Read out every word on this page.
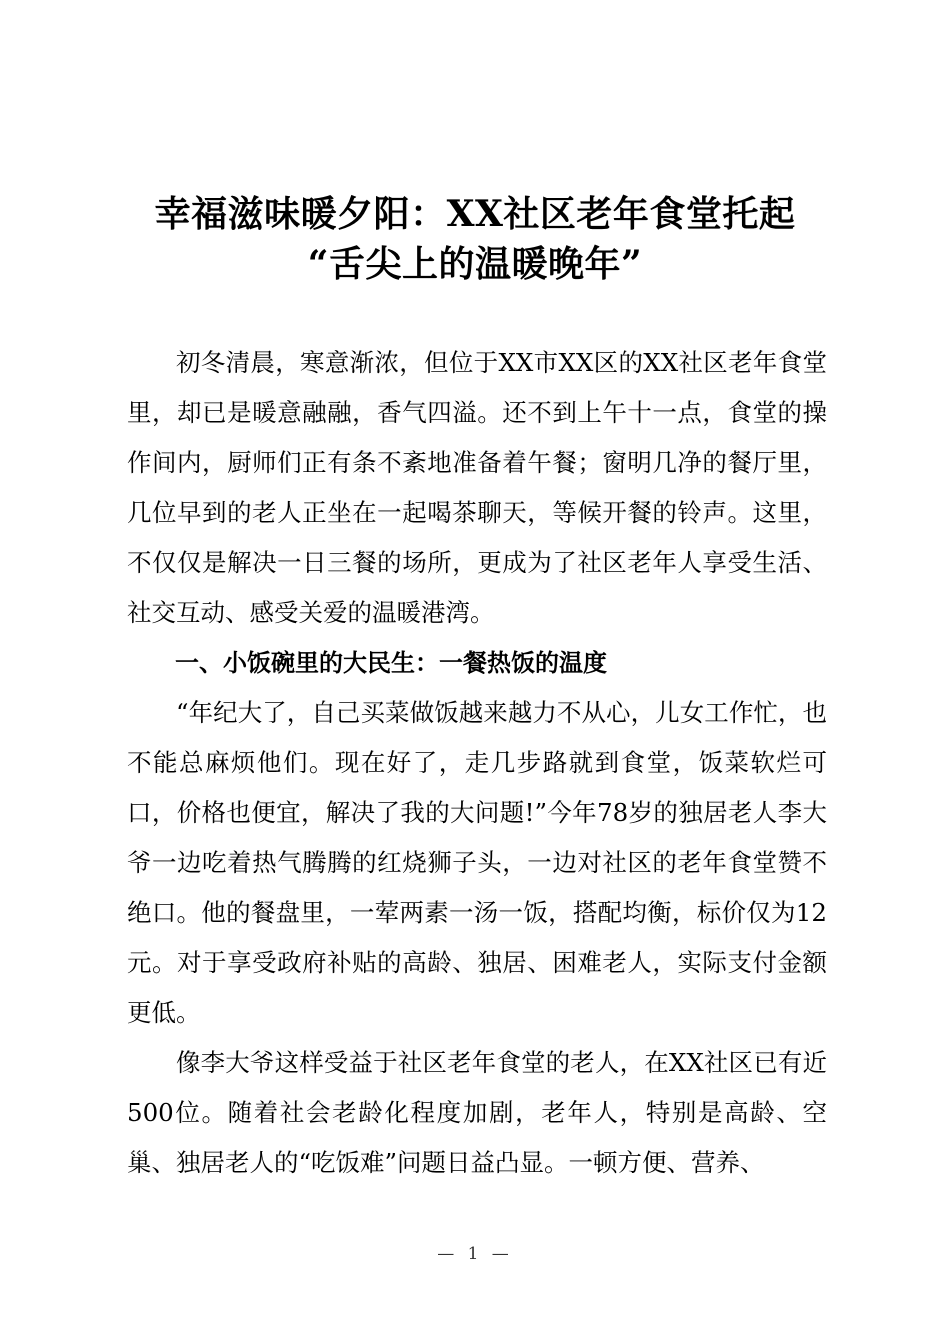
幸福滋味暖夕阳：XX社区老年食堂托起
“舌尖上的温暖晚年”

初冬清晨，寒意渐浓，但位于XX市XX区的XX社区老年食堂里，却已是暖意融融，香气四溢。还不到上午十一点，食堂的操作间内，厨师们正有条不紊地准备着午餐；窗明几净的餐厅里，几位早到的老人正坐在一起喝茶聊天，等候开餐的铃声。这里，不仅仅是解决一日三餐的场所，更成为了社区老年人享受生活、社交互动、感受关爱的温暖港湾。

一、小饭碗里的大民生：一餐热饭的温度

“年纪大了，自己买菜做饭越来越力不从心，儿女工作忙，也不能总麻烦他们。现在好了，走几步路就到食堂，饭菜软烂可口，价格也便宜，解决了我的大问题!”今年78岁的独居老人李大爷一边吃着热气腾腾的红烧狮子头，一边对社区的老年食堂赞不绝口。他的餐盘里，一荤两素一汤一饭，搭配均衡，标价仅为12元。对于享受政府补贴的高龄、独居、困难老人，实际支付金额更低。

像李大爷这样受益于社区老年食堂的老人，在XX社区已有近500位。随着社会老龄化程度加剧，老年人，特别是高龄、空巢、独居老人的“吃饭难”问题日益凸显。一顿方便、营养、

— 1 —
